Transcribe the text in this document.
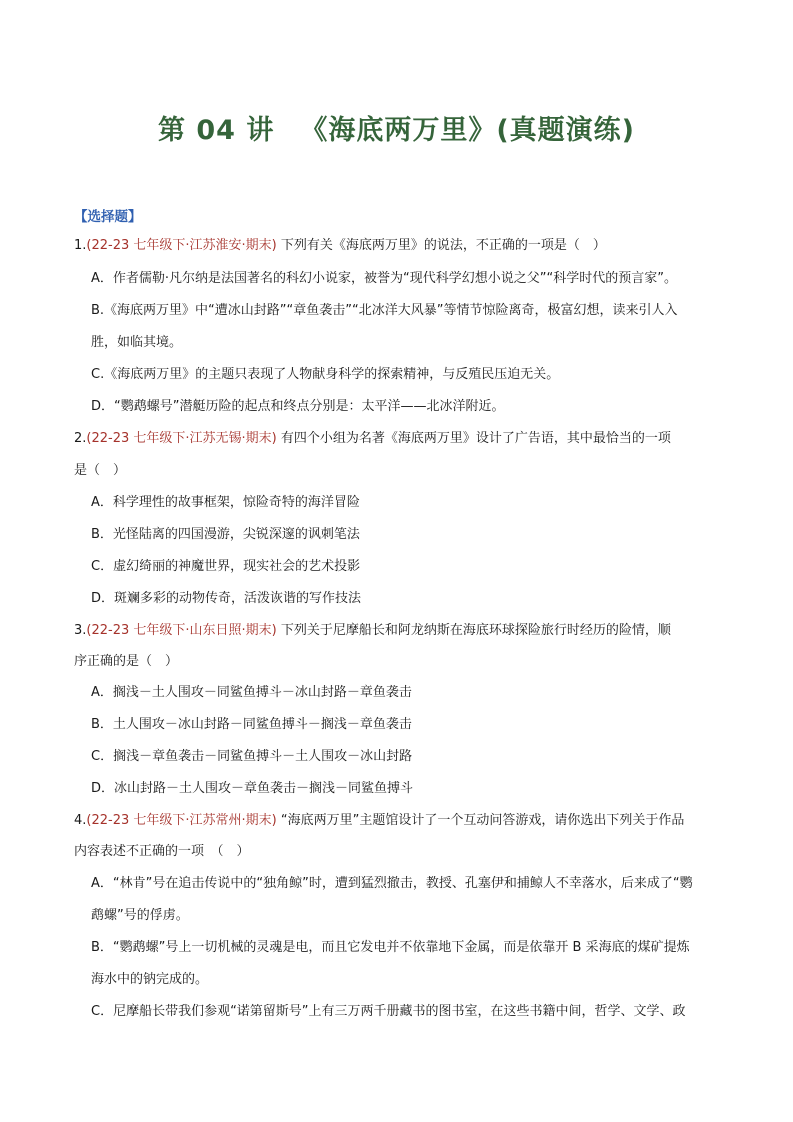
第 04 讲 《海底两万里》(真题演练)
【选择题】
1.(22-23 七年级下·江苏淮安·期末) 下列有关《海底两万里》的说法，不正确的一项是（　）
A．作者儒勒·凡尔纳是法国著名的科幻小说家，被誉为“现代科学幻想小说之父”“科学时代的预言家”。
B.《海底两万里》中“遭冰山封路”“章鱼袭击”“北冰洋大风暴”等情节惊险离奇，极富幻想，读来引人入
胜，如临其境。
C.《海底两万里》的主题只表现了人物献身科学的探索精神，与反殖民压迫无关。
D．“鹦鹉螺号”潜艇历险的起点和终点分别是：太平洋——北冰洋附近。
2.(22-23 七年级下·江苏无锡·期末) 有四个小组为名著《海底两万里》设计了广告语，其中最恰当的一项
是（　）
A．科学理性的故事框架，惊险奇特的海洋冒险
B．光怪陆离的四国漫游，尖锐深邃的讽刺笔法
C．虚幻绮丽的神魔世界，现实社会的艺术投影
D．斑斓多彩的动物传奇，活泼诙谐的写作技法
3.(22-23 七年级下·山东日照·期末) 下列关于尼摩船长和阿龙纳斯在海底环球探险旅行时经历的险情，顺
序正确的是（　）
A．搁浅－土人围攻－同鲨鱼搏斗－冰山封路－章鱼袭击
B．土人围攻－冰山封路－同鲨鱼搏斗－搁浅－章鱼袭击
C．搁浅－章鱼袭击－同鲨鱼搏斗－土人围攻－冰山封路
D．冰山封路－土人围攻－章鱼袭击－搁浅－同鲨鱼搏斗
4.(22-23 七年级下·江苏常州·期末) “海底两万里”主题馆设计了一个互动问答游戏，请你选出下列关于作品
内容表述不正确的一项　（　）
A．“林肯”号在追击传说中的“独角鲸”时，遭到猛烈撤击，教授、孔塞伊和捕鲸人不幸落水，后来成了“鹦
鹉螺”号的俘虏。
B．“鹦鹉螺”号上一切机械的灵魂是电，而且它发电并不依靠地下金属，而是依靠开 B 采海底的煤矿提炼
海水中的钠完成的。
C．尼摩船长带我们参观“诺第留斯号”上有三万两千册藏书的图书室，在这些书籍中间，哲学、文学、政
